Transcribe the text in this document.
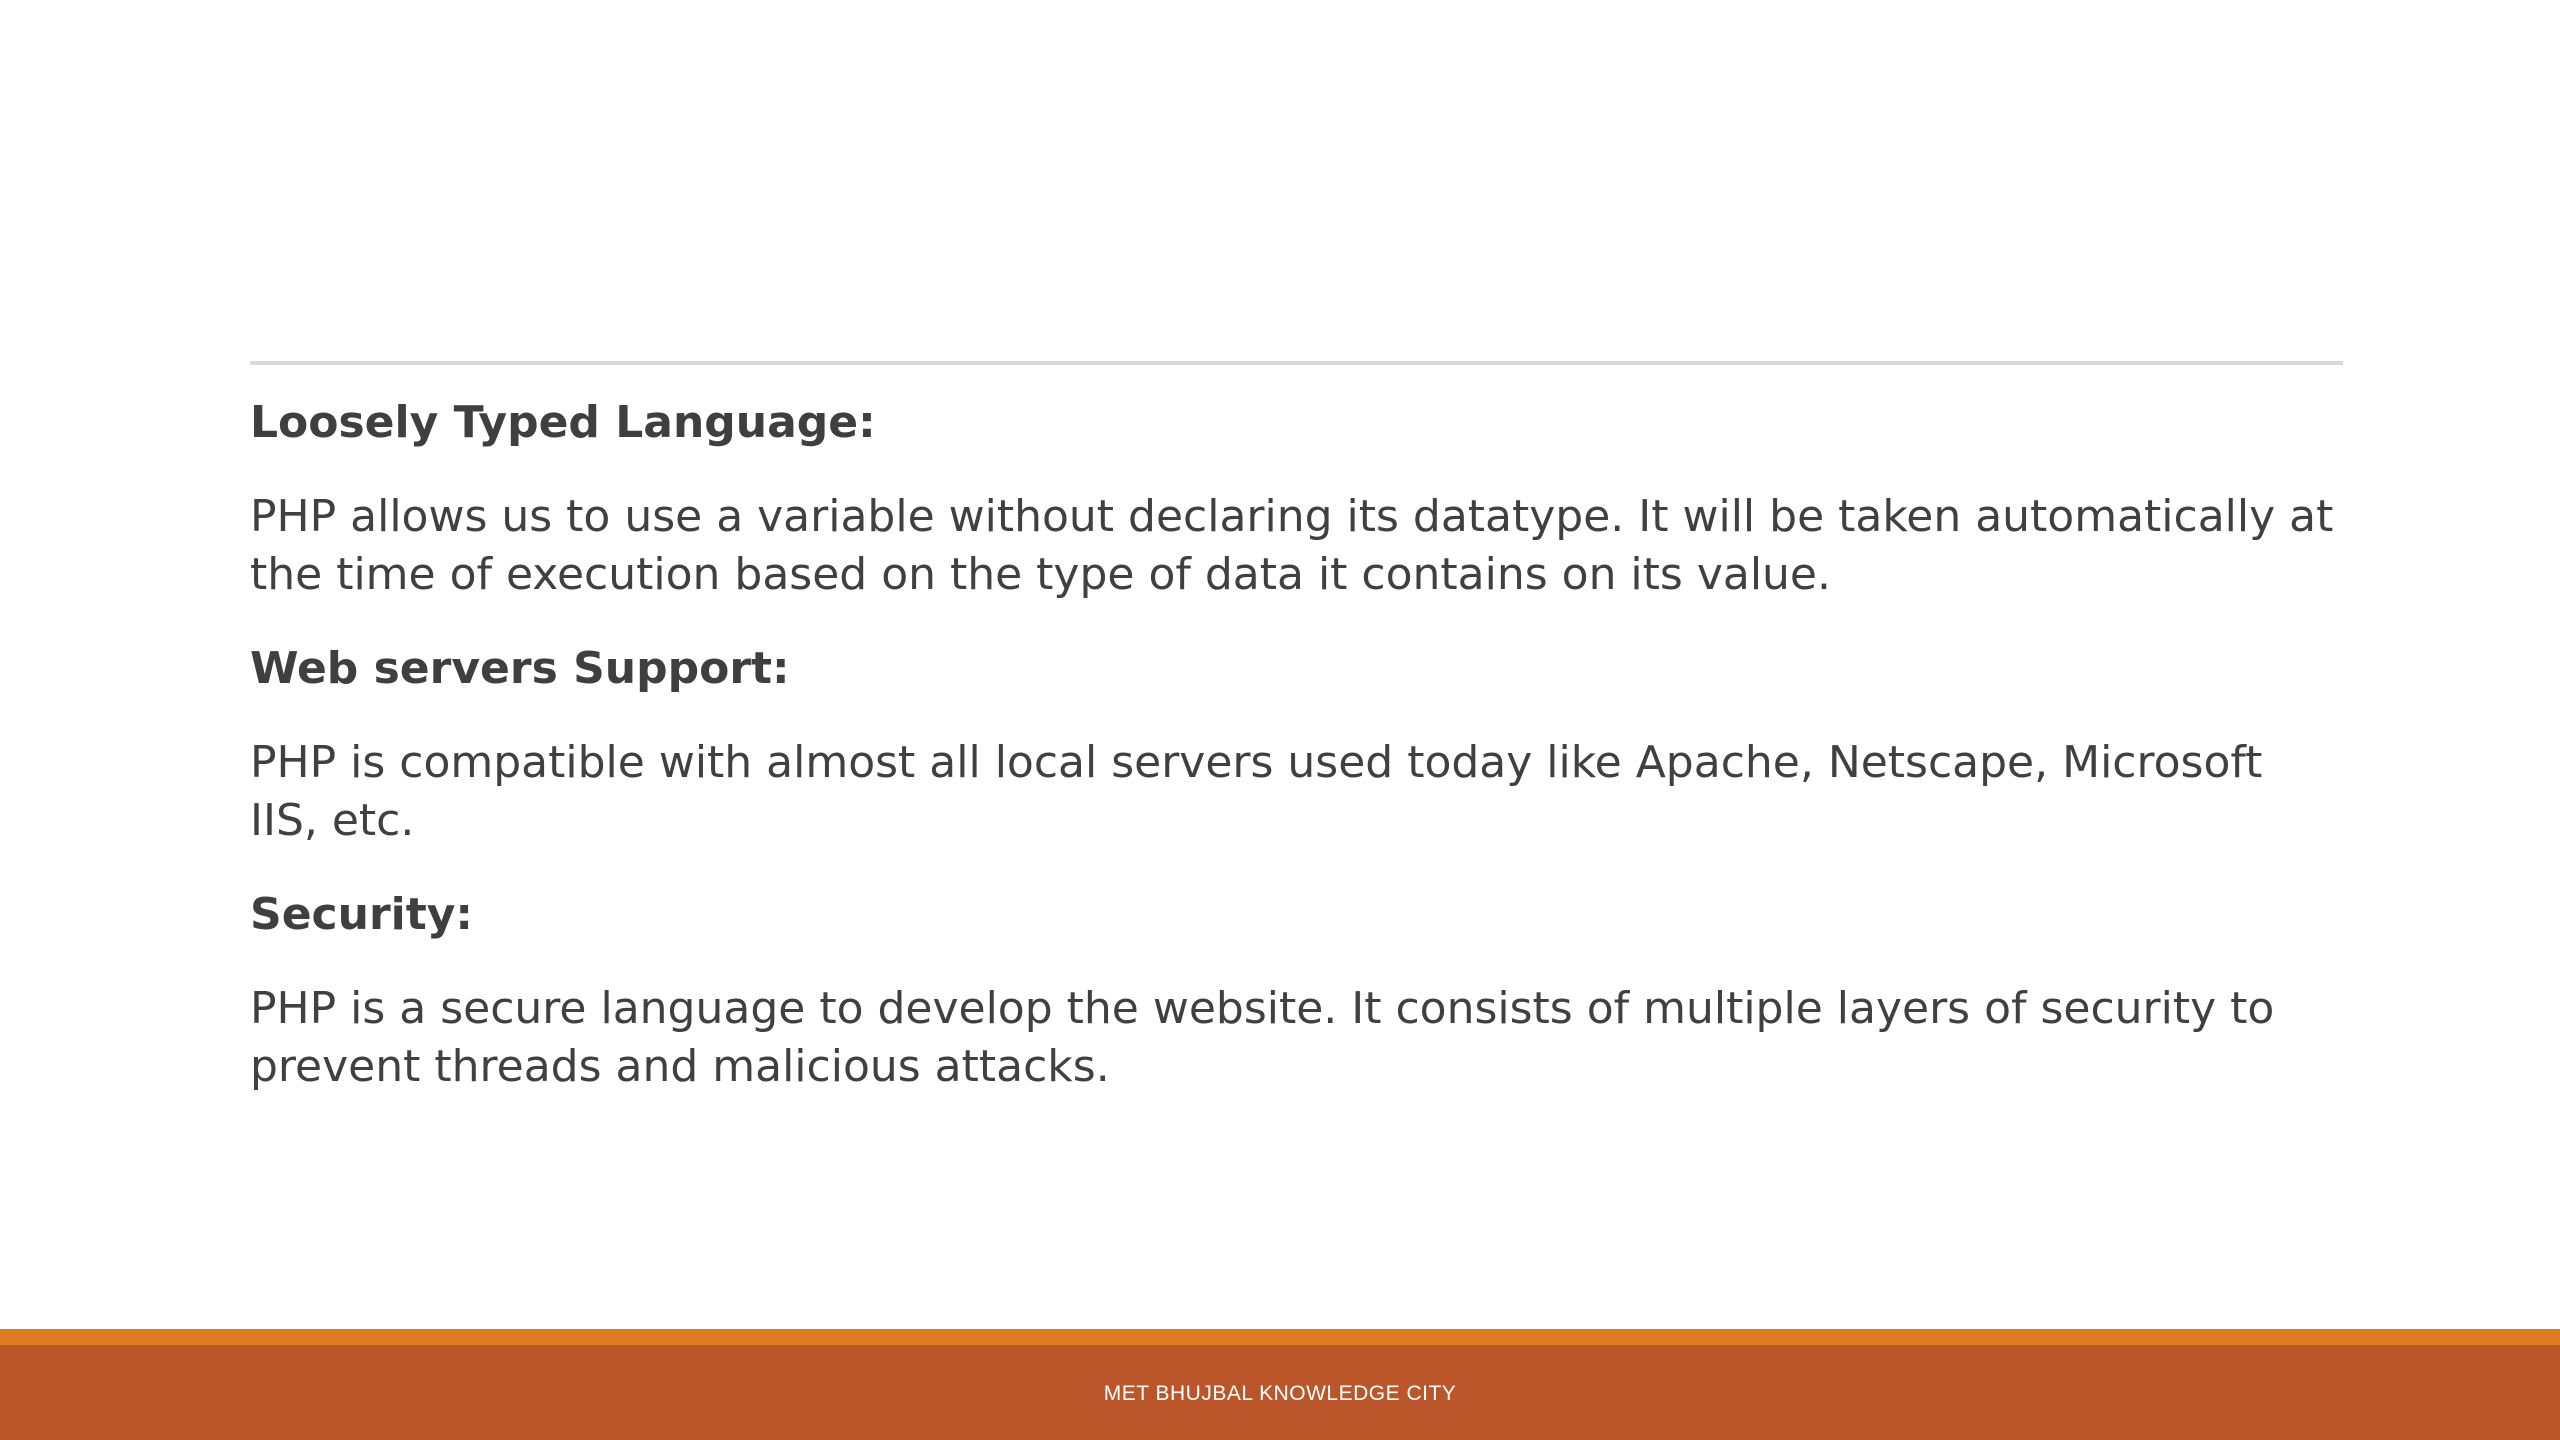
Loosely Typed Language:

PHP allows us to use a variable without declaring its datatype. It will be taken automatically at the time of execution based on the type of data it contains on its value.

Web servers Support:

PHP is compatible with almost all local servers used today like Apache, Netscape, Microsoft IIS, etc.

Security:

PHP is a secure language to develop the website. It consists of multiple layers of security to prevent threads and malicious attacks.

MET BHUJBAL KNOWLEDGE CITY
